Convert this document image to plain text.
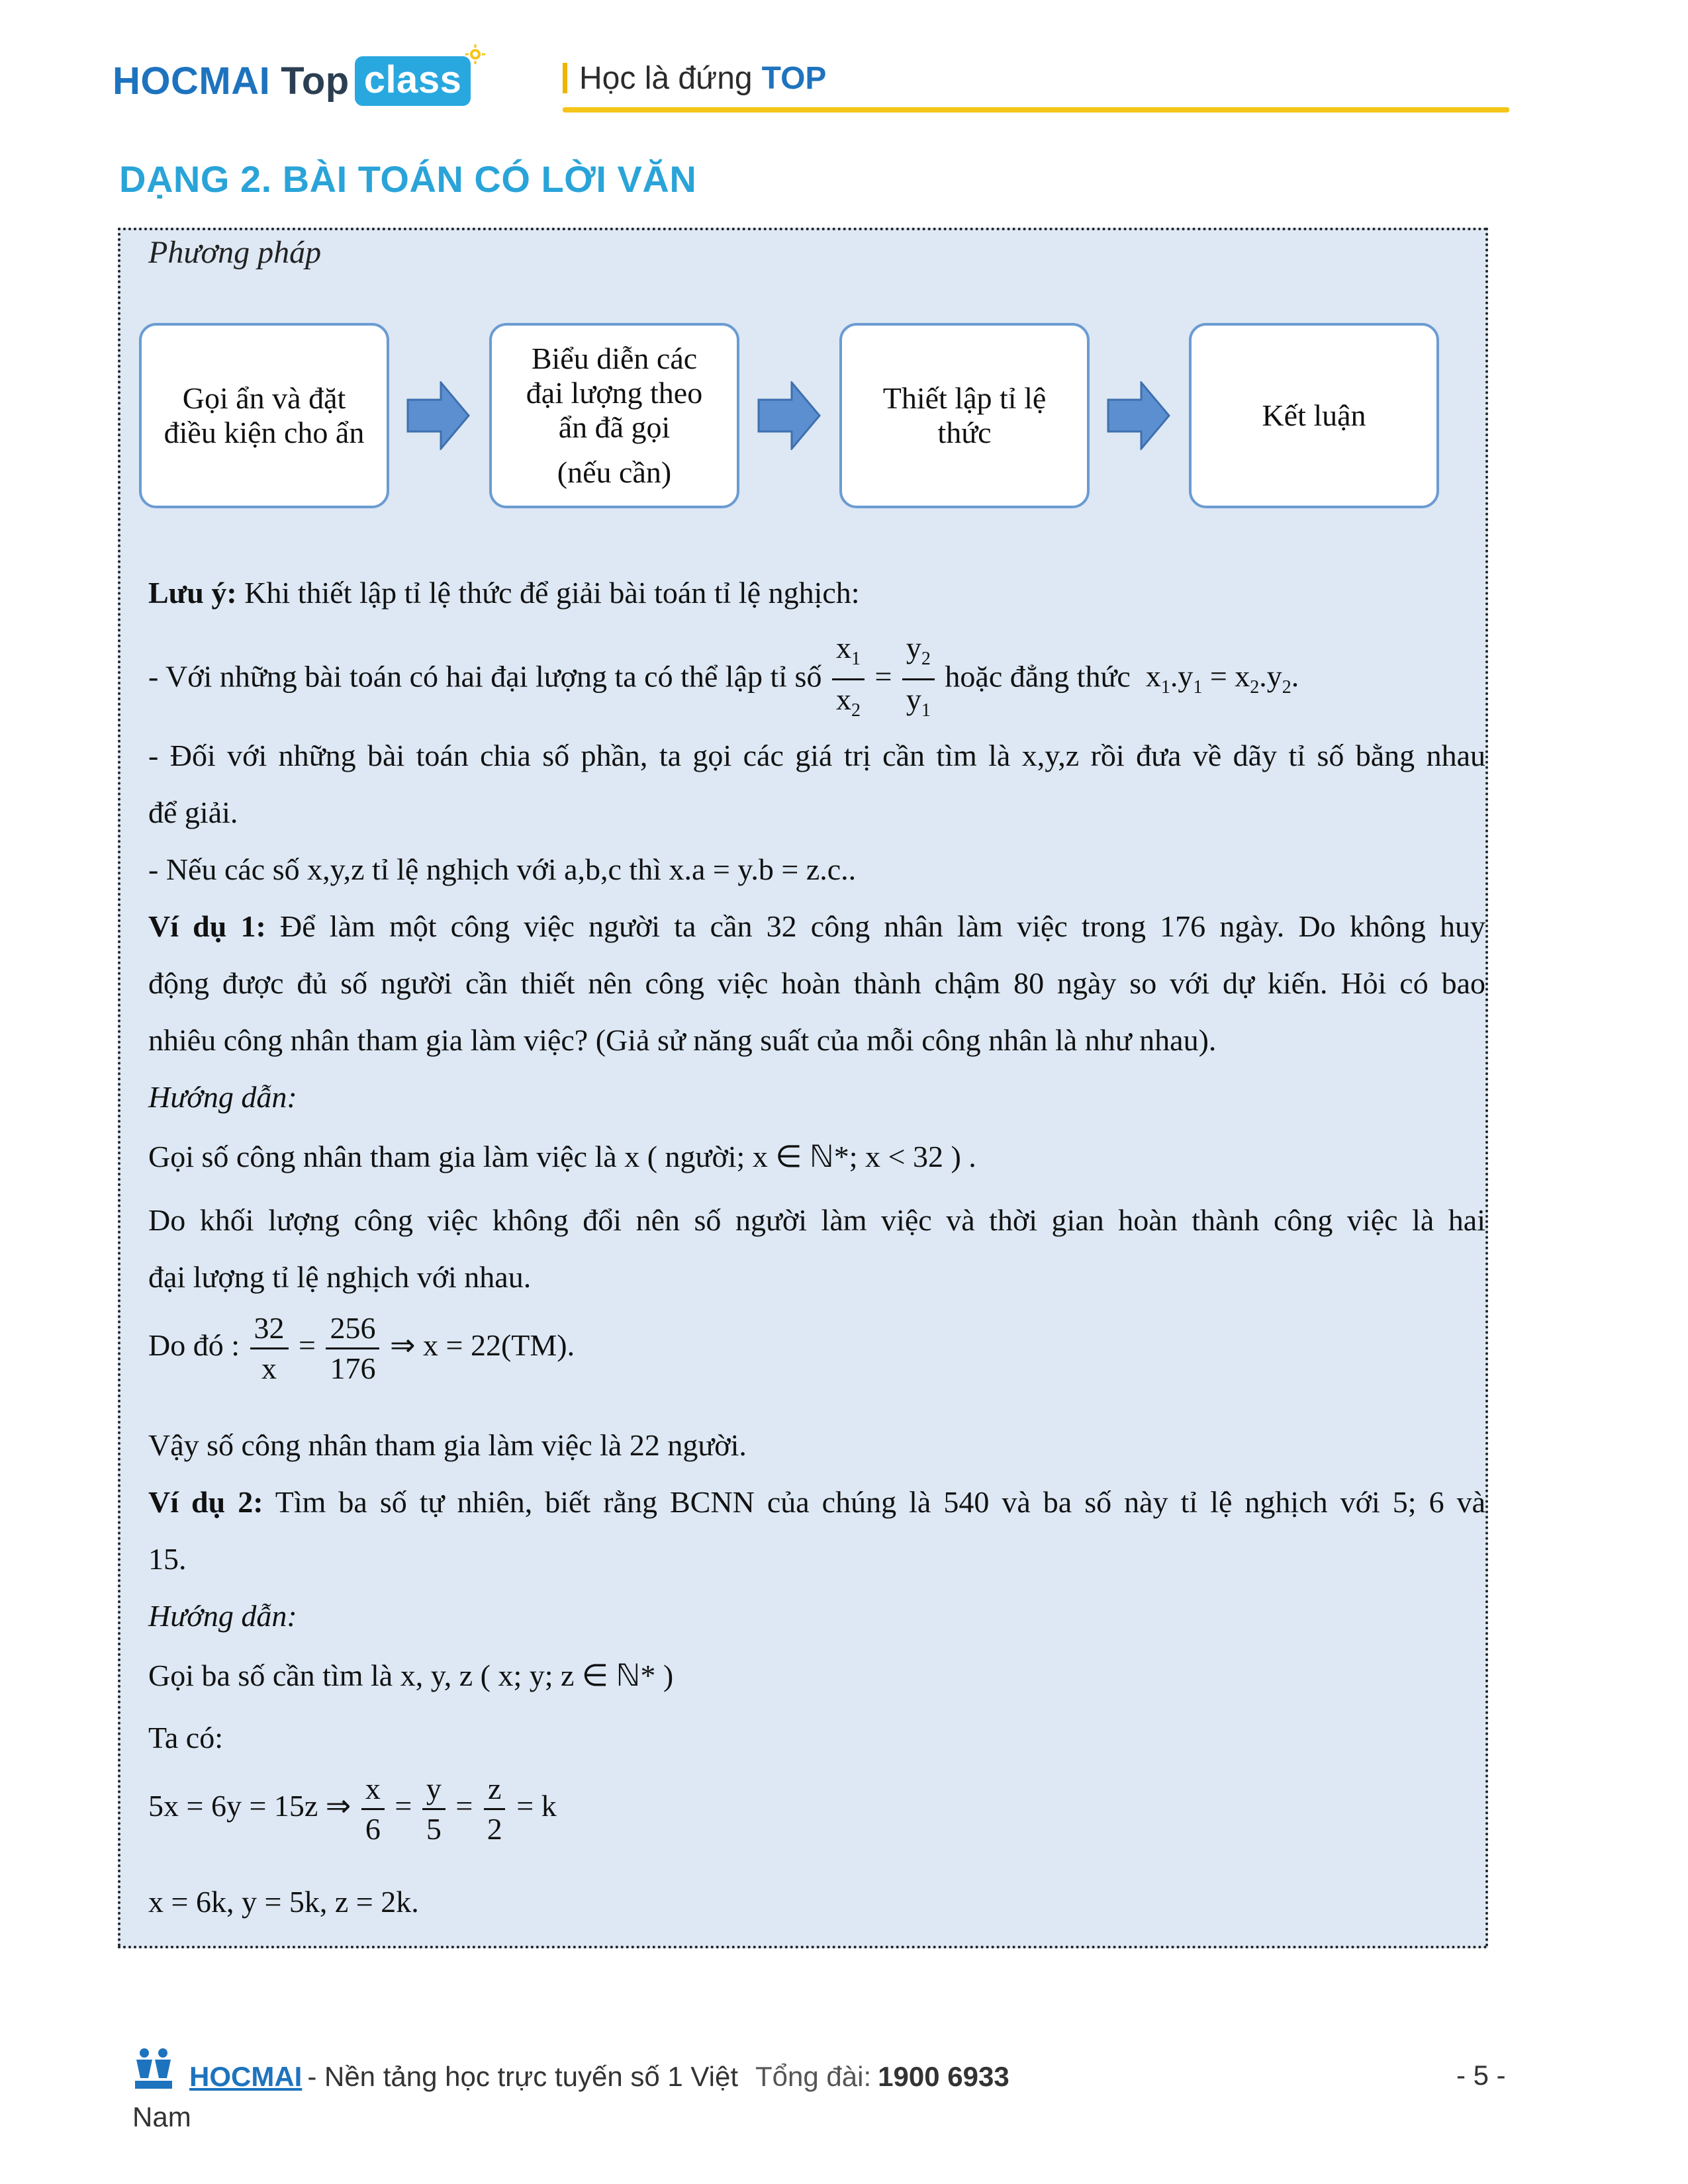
HOCMAI Top class	Học là đứng TOP
DẠNG 2. BÀI TOÁN CÓ LỜI VĂN
Phương pháp
Gọi ẩn và đặt
điều kiện cho ẩn
Biểu diễn các
đại lượng theo
ẩn đã gọi
(nếu cần)
Thiết lập tỉ lệ
thức
Kết luận
Lưu ý: Khi thiết lập tỉ lệ thức để giải bài toán tỉ lệ nghịch:
- Với những bài toán có hai đại lượng ta có thể lập tỉ số $\frac{x_1}{x_2} = \frac{y_2}{y_1}$ hoặc đẳng thức  $x_1.y_1 = x_2.y_2$.
- Đối với những bài toán chia số phần, ta gọi các giá trị cần tìm là x,y,z rồi đưa về dãy tỉ số bằng nhau
để giải.
- Nếu các số x,y,z tỉ lệ nghịch với a,b,c thì x.a = y.b = z.c..
Ví dụ 1: Để làm một công việc người ta cần 32 công nhân làm việc trong 176 ngày. Do không huy
động được đủ số người cần thiết nên công việc hoàn thành chậm 80 ngày so với dự kiến. Hỏi có bao
nhiêu công nhân tham gia làm việc? (Giả sử năng suất của mỗi công nhân là như nhau).
Hướng dẫn:
Gọi số công nhân tham gia làm việc là x ( người; x ∈ ℕ*; x < 32 ) .
Do khối lượng công việc không đổi nên số người làm việc và thời gian hoàn thành công việc là hai
đại lượng tỉ lệ nghịch với nhau.
Do đó : $\frac{32}{x} = \frac{256}{176}$ ⇒ x = 22(TM).
Vậy số công nhân tham gia làm việc là 22 người.
Ví dụ 2: Tìm ba số tự nhiên, biết rằng BCNN của chúng là 540 và ba số này tỉ lệ nghịch với 5; 6 và
15.
Hướng dẫn:
Gọi ba số cần tìm là x, y, z ( x; y; z ∈ ℕ* )
Ta có:
5x = 6y = 15z ⇒ $\frac{x}{6} = \frac{y}{5} = \frac{z}{2} = k$
x = 6k, y = 5k, z = 2k.
HOCMAI - Nền tảng học trực tuyến số 1 Việt Tổng đài: 1900 6933
Nam
- 5 -
